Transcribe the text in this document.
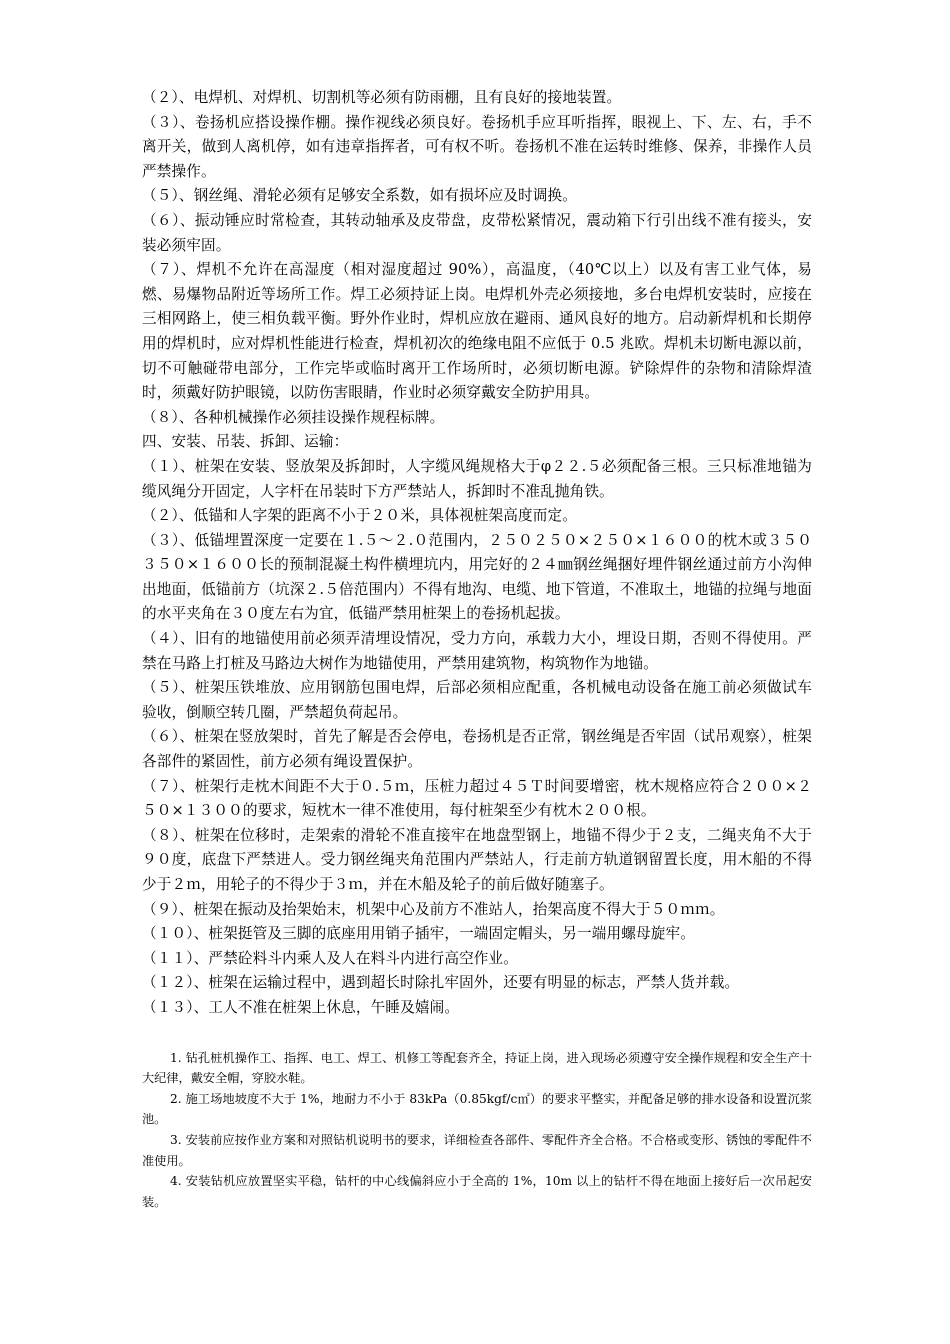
（２）、电焊机、对焊机、切割机等必须有防雨棚，且有良好的接地装置。

（３）、卷扬机应搭设操作棚。操作视线必须良好。卷扬机手应耳听指挥，眼视上、下、左、右，手不离开关，做到人离机停，如有违章指挥者，可有权不听。卷扬机不准在运转时维修、保养，非操作人员严禁操作。

（５）、钢丝绳、滑轮必须有足够安全系数，如有损坏应及时调换。

（６）、振动锤应时常检查，其转动轴承及皮带盘，皮带松紧情况，震动箱下行引出线不准有接头，安装必须牢固。

（７）、焊机不允许在高湿度（相对湿度超过 90%），高温度，（40℃以上）以及有害工业气体，易燃、易爆物品附近等场所工作。焊工必须持证上岗。电焊机外壳必须接地，多台电焊机安装时，应接在三相网路上，使三相负载平衡。野外作业时，焊机应放在避雨、通风良好的地方。启动新焊机和长期停用的焊机时，应对焊机性能进行检查，焊机初次的绝缘电阻不应低于 0.5 兆欧。焊机未切断电源以前，切不可触碰带电部分，工作完毕或临时离开工作场所时，必须切断电源。铲除焊件的杂物和清除焊渣时，须戴好防护眼镜，以防伤害眼睛，作业时必须穿戴安全防护用具。

（８）、各种机械操作必须挂设操作规程标牌。

四、安装、吊装、拆卸、运输：

（１）、桩架在安装、竖放架及拆卸时，人字缆风绳规格大于φ２２.５必须配备三根。三只标准地锚为缆风绳分开固定，人字杆在吊装时下方严禁站人，拆卸时不准乱抛角铁。

（２）、低锚和人字架的距离不小于２０米，具体视桩架高度而定。

（３）、低锚埋置深度一定要在１.５～２.０范围内，２５０２５０×２５０×１６００的枕木或３５０３５０×１６００长的预制混凝土构件横埋坑内，用完好的２４㎜钢丝绳捆好埋件钢丝通过前方小沟伸出地面，低锚前方（坑深２.５倍范围内）不得有地沟、电缆、地下管道，不准取土，地锚的拉绳与地面的水平夹角在３０度左右为宜，低锚严禁用桩架上的卷扬机起拔。

（４）、旧有的地锚使用前必须弄清埋设情况，受力方向，承载力大小，埋设日期，否则不得使用。严禁在马路上打桩及马路边大树作为地锚使用，严禁用建筑物，构筑物作为地锚。

（５）、桩架压铁堆放、应用钢筋包围电焊，后部必须相应配重，各机械电动设备在施工前必须做试车验收，倒顺空转几圈，严禁超负荷起吊。

（６）、桩架在竖放架时，首先了解是否会停电，卷扬机是否正常，钢丝绳是否牢固（试吊观察），桩架各部件的紧固性，前方必须有绳设置保护。

（７）、桩架行走枕木间距不大于０.５ｍ，压桩力超过４５Ｔ时间要增密，枕木规格应符合２００×２５０×１３００的要求，短枕木一律不准使用，每付桩架至少有枕木２００根。

（８）、桩架在位移时，走架索的滑轮不准直接牢在地盘型钢上，地锚不得少于２支，二绳夹角不大于９０度，底盘下严禁进人。受力钢丝绳夹角范围内严禁站人，行走前方轨道钢留置长度，用木船的不得少于２ｍ，用轮子的不得少于３ｍ，并在木船及轮子的前后做好随塞子。

（９）、桩架在振动及抬架始末，机架中心及前方不准站人，抬架高度不得大于５０ｍｍ。

（１０）、桩架挺管及三脚的底座用用销子插牢，一端固定帽头，另一端用螺母旋牢。

（１１）、严禁砼料斗内乘人及人在料斗内进行高空作业。

（１２）、桩架在运输过程中，遇到超长时除扎牢固外，还要有明显的标志，严禁人货并载。

（１３）、工人不准在桩架上休息，午睡及嬉闹。

1. 钻孔桩机操作工、指挥、电工、焊工、机修工等配套齐全，持证上岗，进入现场必须遵守安全操作规程和安全生产十大纪律，戴安全帽，穿胶水鞋。

2. 施工场地坡度不大于 1%，地耐力不小于 83kPa（0.85kgf/c㎡）的要求平整实，并配备足够的排水设备和设置沉浆池。

3. 安装前应按作业方案和对照钻机说明书的要求，详细检查各部件、零配件齐全合格。不合格或变形、锈蚀的零配件不准使用。

4. 安装钻机应放置坚实平稳，钻杆的中心线偏斜应小于全高的 1%，10m 以上的钻杆不得在地面上接好后一次吊起安装。
